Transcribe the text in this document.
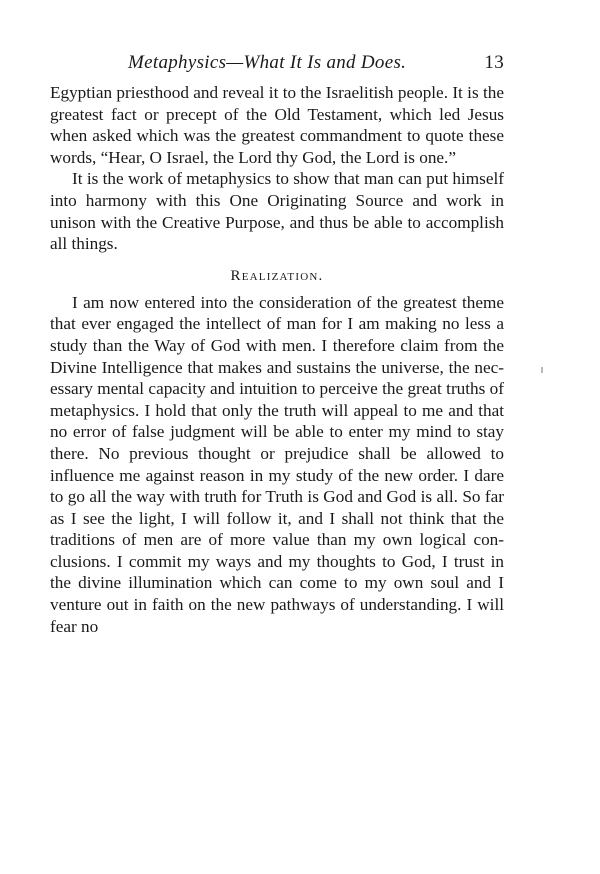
Metaphysics—What It Is and Does.	13

Egyptian priesthood and reveal it to the Israelitish people. It is the greatest fact or precept of the Old Testament, which led Jesus when asked which was the greatest commandment to quote these words, “Hear, O Israel, the Lord thy God, the Lord is one.”

It is the work of metaphysics to show that man can put himself into harmony with this One Originating Source and work in unison with the Creative Purpose, and thus be able to accomplish all things.

Realization.

I am now entered into the consideration of the greatest theme that ever engaged the intellect of man for I am making no less a study than the Way of God with men. I therefore claim from the Divine Intelligence that makes and sustains the universe, the necessary mental capacity and intuition to perceive the great truths of metaphysics. I hold that only the truth will appeal to me and that no error of false judgment will be able to enter my mind to stay there. No previous thought or prejudice shall be allowed to influence me against reason in my study of the new order. I dare to go all the way with truth for Truth is God and God is all. So far as I see the light, I will follow it, and I shall not think that the traditions of men are of more value than my own logical conclusions. I commit my ways and my thoughts to God, I trust in the divine illumination which can come to my own soul and I venture out in faith on the new pathways of understanding. I will fear no
